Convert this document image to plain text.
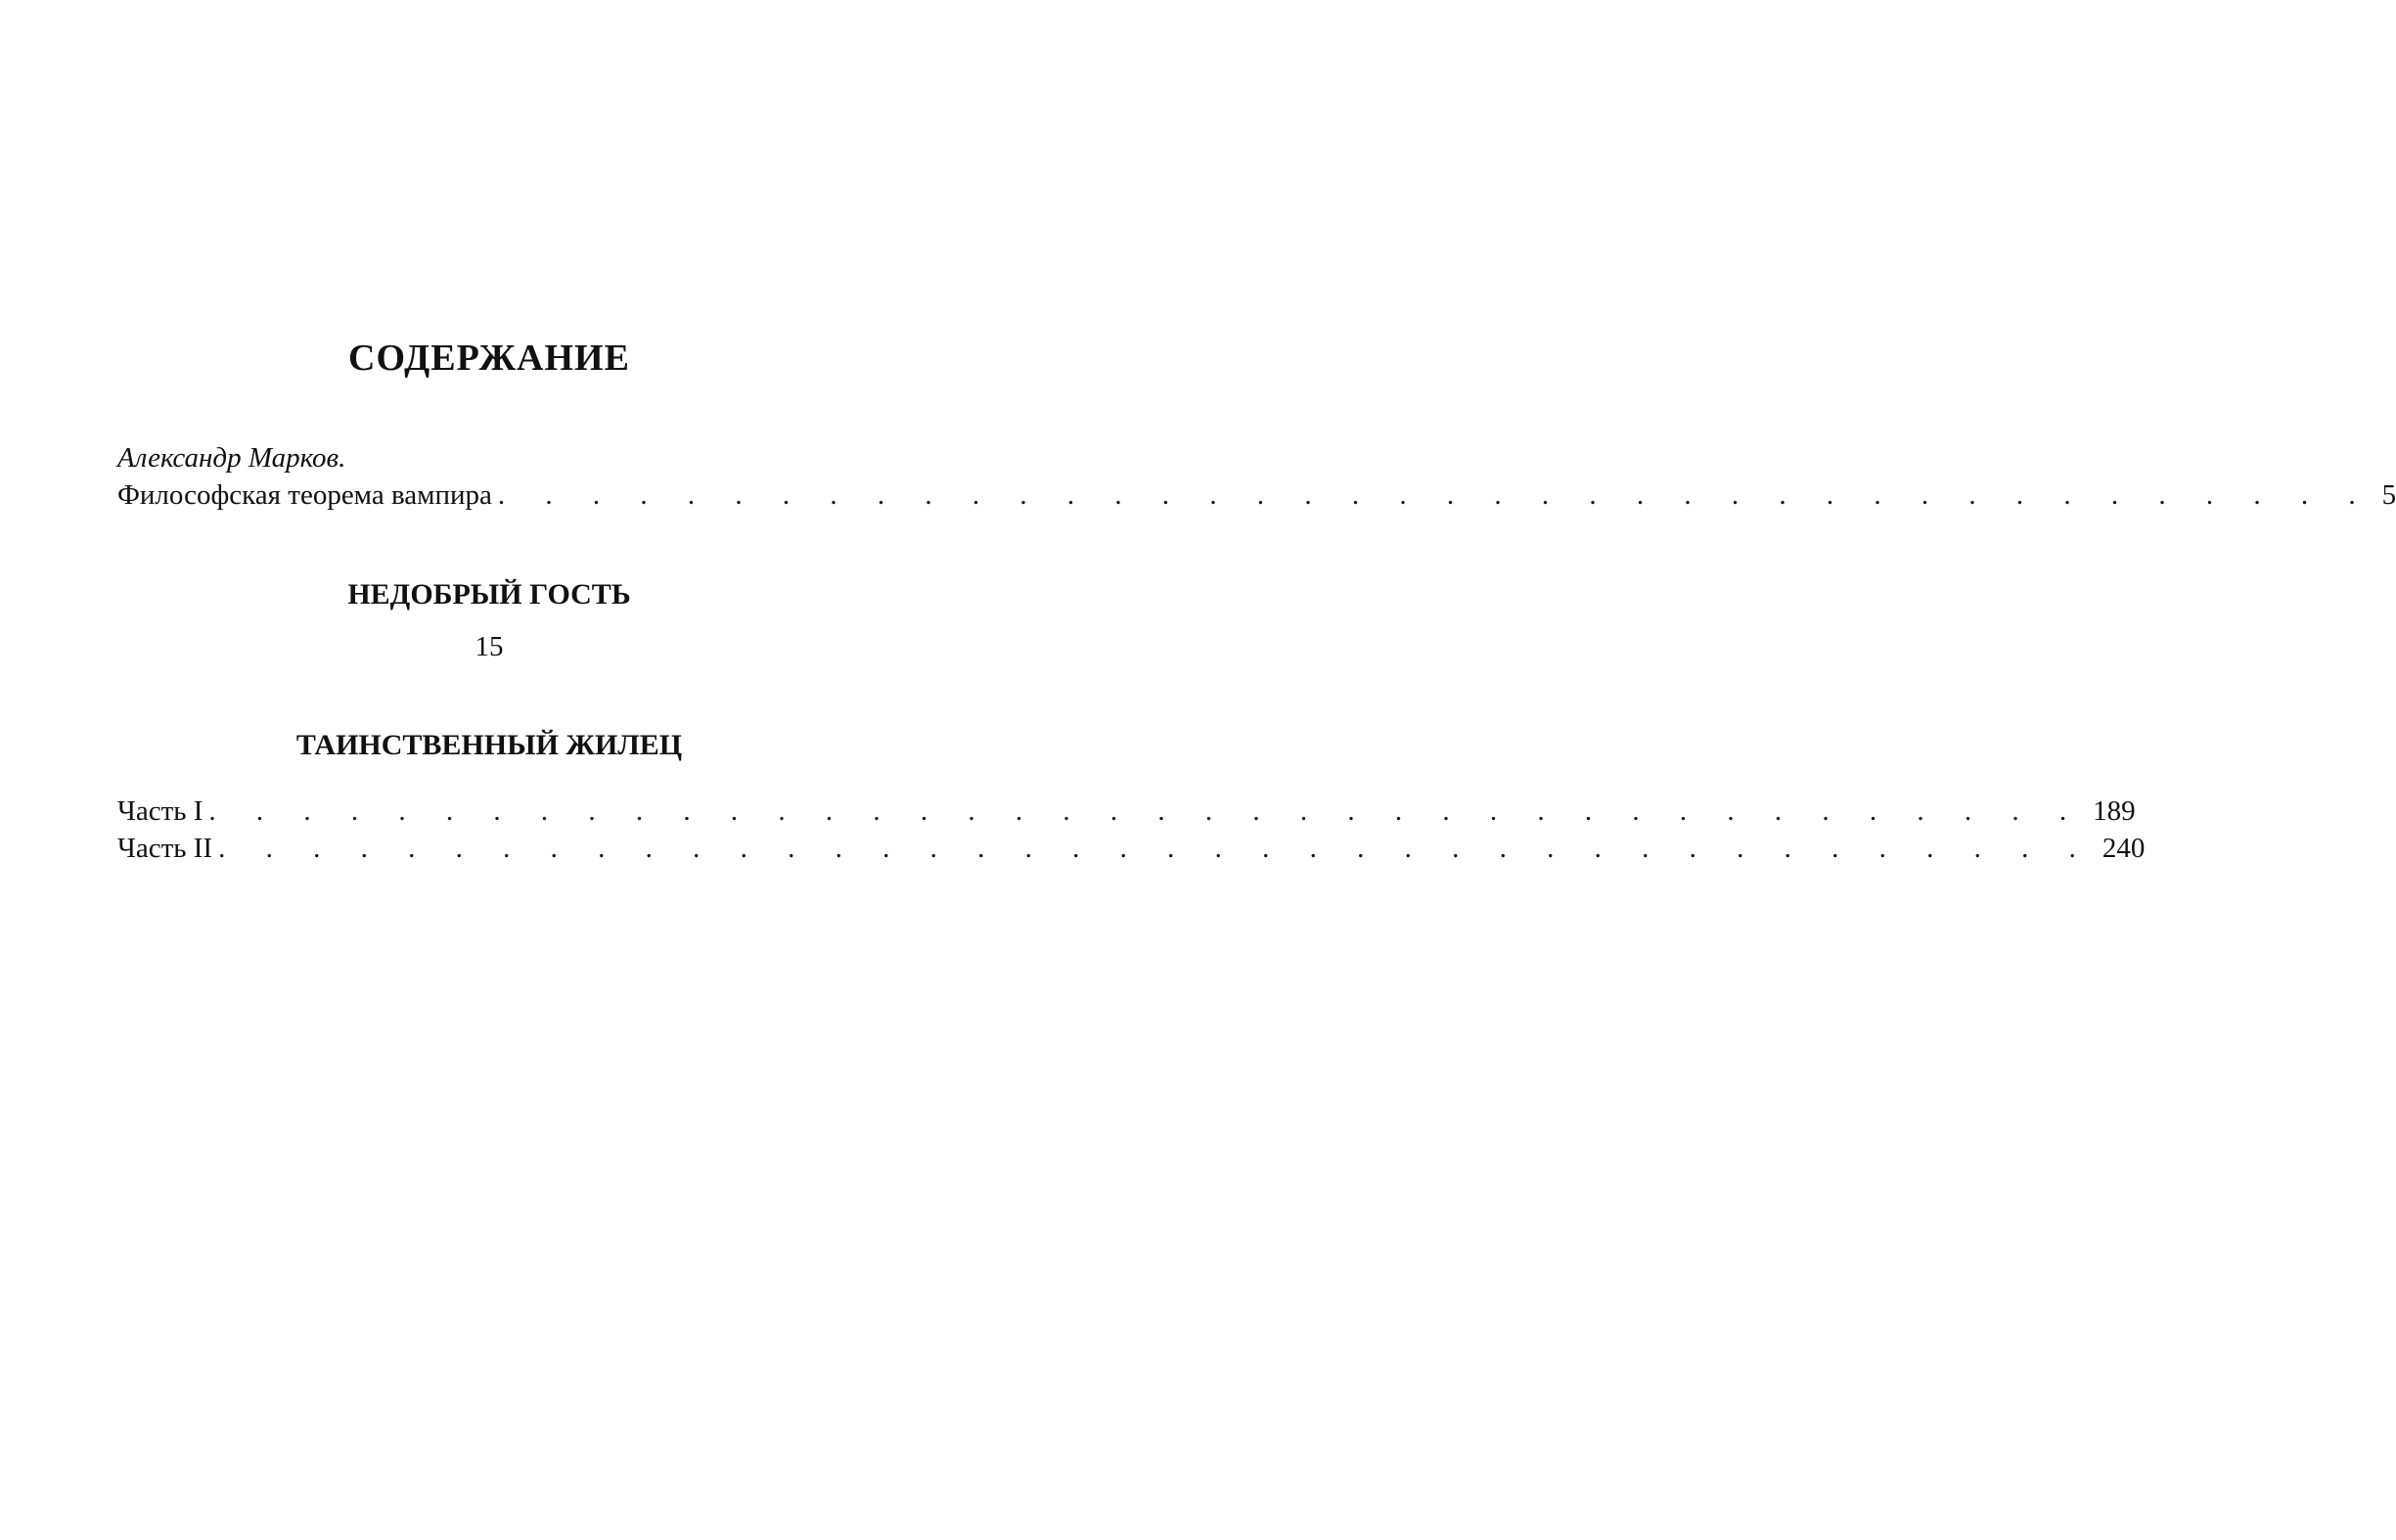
СОДЕРЖАНИЕ

Александр Марков.

Философская теорема вампира . . . . . . . . . . . . . . . . . . . . . . . . . . . . . . . . . . . . . . . . 5
НЕДОБРЫЙ ГОСТЬ

15

ТАИНСТВЕННЫЙ ЖИЛЕЦ
Часть I . . . . . . . . . . . . . . . . . . . . . . . . . . . . . . . . . . . . . . . . 189
Часть II . . . . . . . . . . . . . . . . . . . . . . . . . . . . . . . . . . . . . . . . 240
